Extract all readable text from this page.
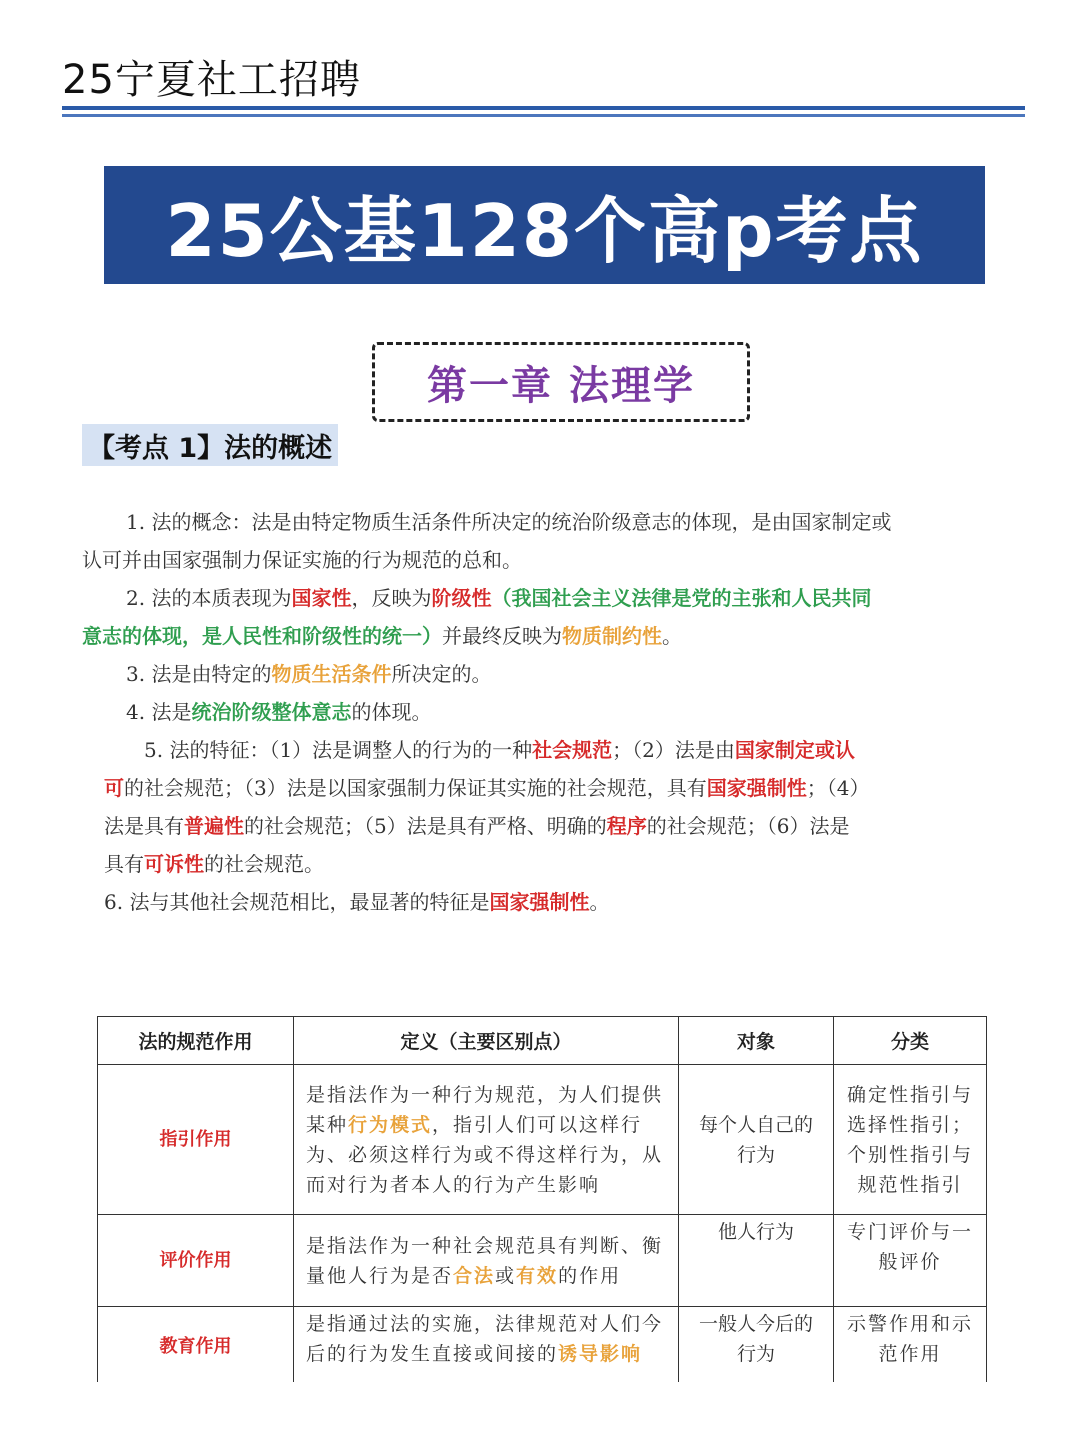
25宁夏社工招聘
25公基128个高p考点
第一章 法理学
【考点 1】法的概述

1. 法的概念：法是由特定物质生活条件所决定的统治阶级意志的体现，是由国家制定或

认可并由国家强制力保证实施的行为规范的总和。

2. 法的本质表现为国家性，反映为阶级性（我国社会主义法律是党的主张和人民共同

意志的体现，是人民性和阶级性的统一）并最终反映为物质制约性。

3. 法是由特定的物质生活条件所决定的。

4. 法是统治阶级整体意志的体现。

5. 法的特征：（1）法是调整人的行为的一种社会规范；（2）法是由国家制定或认

可的社会规范；（3）法是以国家强制力保证其实施的社会规范，具有国家强制性；（4）

法是具有普遍性的社会规范；（5）法是具有严格、明确的程序的社会规范；（6）法是

具有可诉性的社会规范。

6. 法与其他社会规范相比，最显著的特征是国家强制性。

法的规范作用	定义（主要区别点）	对象	分类
指引作用	是指法作为一种行为规范，为人们提供某种行为模式，指引人们可以这样行为、必须这样行为或不得这样行为，从而对行为者本人的行为产生影响	每个人自己的行为	确定性指引与选择性指引；个别性指引与规范性指引
评价作用	是指法作为一种社会规范具有判断、衡量他人行为是否合法或有效的作用	他人行为	专门评价与一般评价
教育作用	是指通过法的实施，法律规范对人们今后的行为发生直接或间接的诱导影响	一般人今后的行为	示警作用和示范作用
